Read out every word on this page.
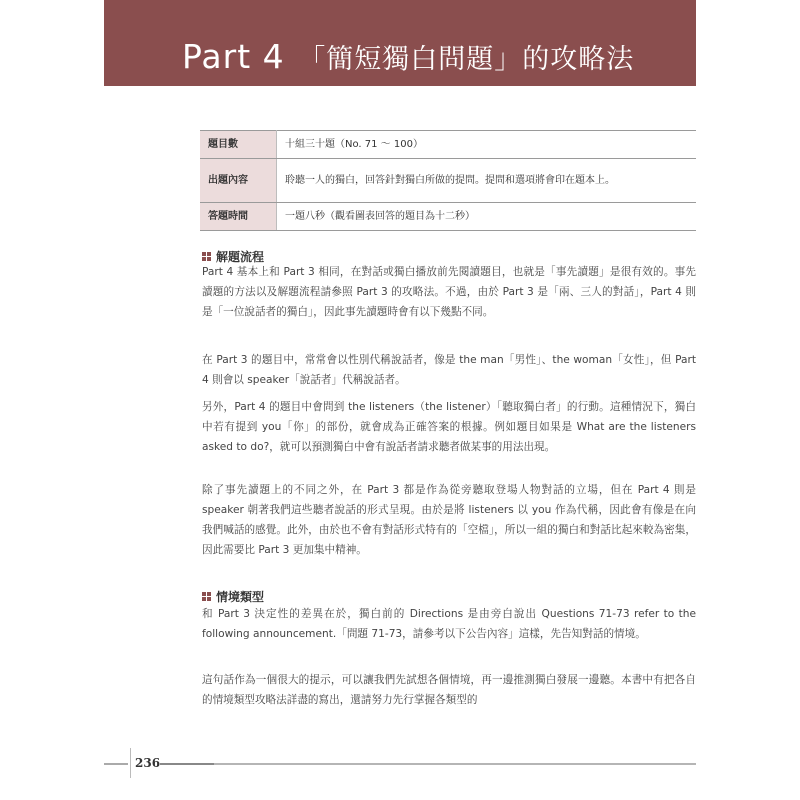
Part 4 「簡短獨白問題」的攻略法
題目數	十組三十題（No. 71 ～ 100）
出題內容	聆聽一人的獨白，回答針對獨白所做的提問。提問和選項將會印在題本上。
答題時間	一題八秒（觀看圖表回答的題目為十二秒）
解題流程

Part 4 基本上和 Part 3 相同，在對話或獨白播放前先閱讀題目，也就是「事先讀題」是很有效的。事先讀題的方法以及解題流程請參照 Part 3 的攻略法。不過，由於 Part 3 是「兩、三人的對話」，Part 4 則是「一位說話者的獨白」，因此事先讀題時會有以下幾點不同。

在 Part 3 的題目中，常常會以性別代稱說話者，像是 the man「男性」、the woman「女性」，但 Part 4 則會以 speaker「說話者」代稱說話者。

另外，Part 4 的題目中會問到 the listeners（the listener）「聽取獨白者」的行動。這種情況下，獨白中若有提到 you「你」的部份，就會成為正確答案的根據。例如題目如果是 What are the listeners asked to do?，就可以預測獨白中會有說話者請求聽者做某事的用法出現。

除了事先讀題上的不同之外，在 Part 3 都是作為從旁聽取登場人物對話的立場，但在 Part 4 則是 speaker 朝著我們這些聽者說話的形式呈現。由於是將 listeners 以 you 作為代稱，因此會有像是在向我們喊話的感覺。此外，由於也不會有對話形式特有的「空檔」，所以一組的獨白和對話比起來較為密集，因此需要比 Part 3 更加集中精神。

情境類型

和 Part 3 決定性的差異在於，獨白前的 Directions 是由旁白說出 Questions 71-73 refer to the following announcement.「問題 71-73，請參考以下公告內容」這樣，先告知對話的情境。

這句話作為一個很大的提示，可以讓我們先試想各個情境，再一邊推測獨白發展一邊聽。本書中有把各自的情境類型攻略法詳盡的寫出，還請努力先行掌握各類型的

236
